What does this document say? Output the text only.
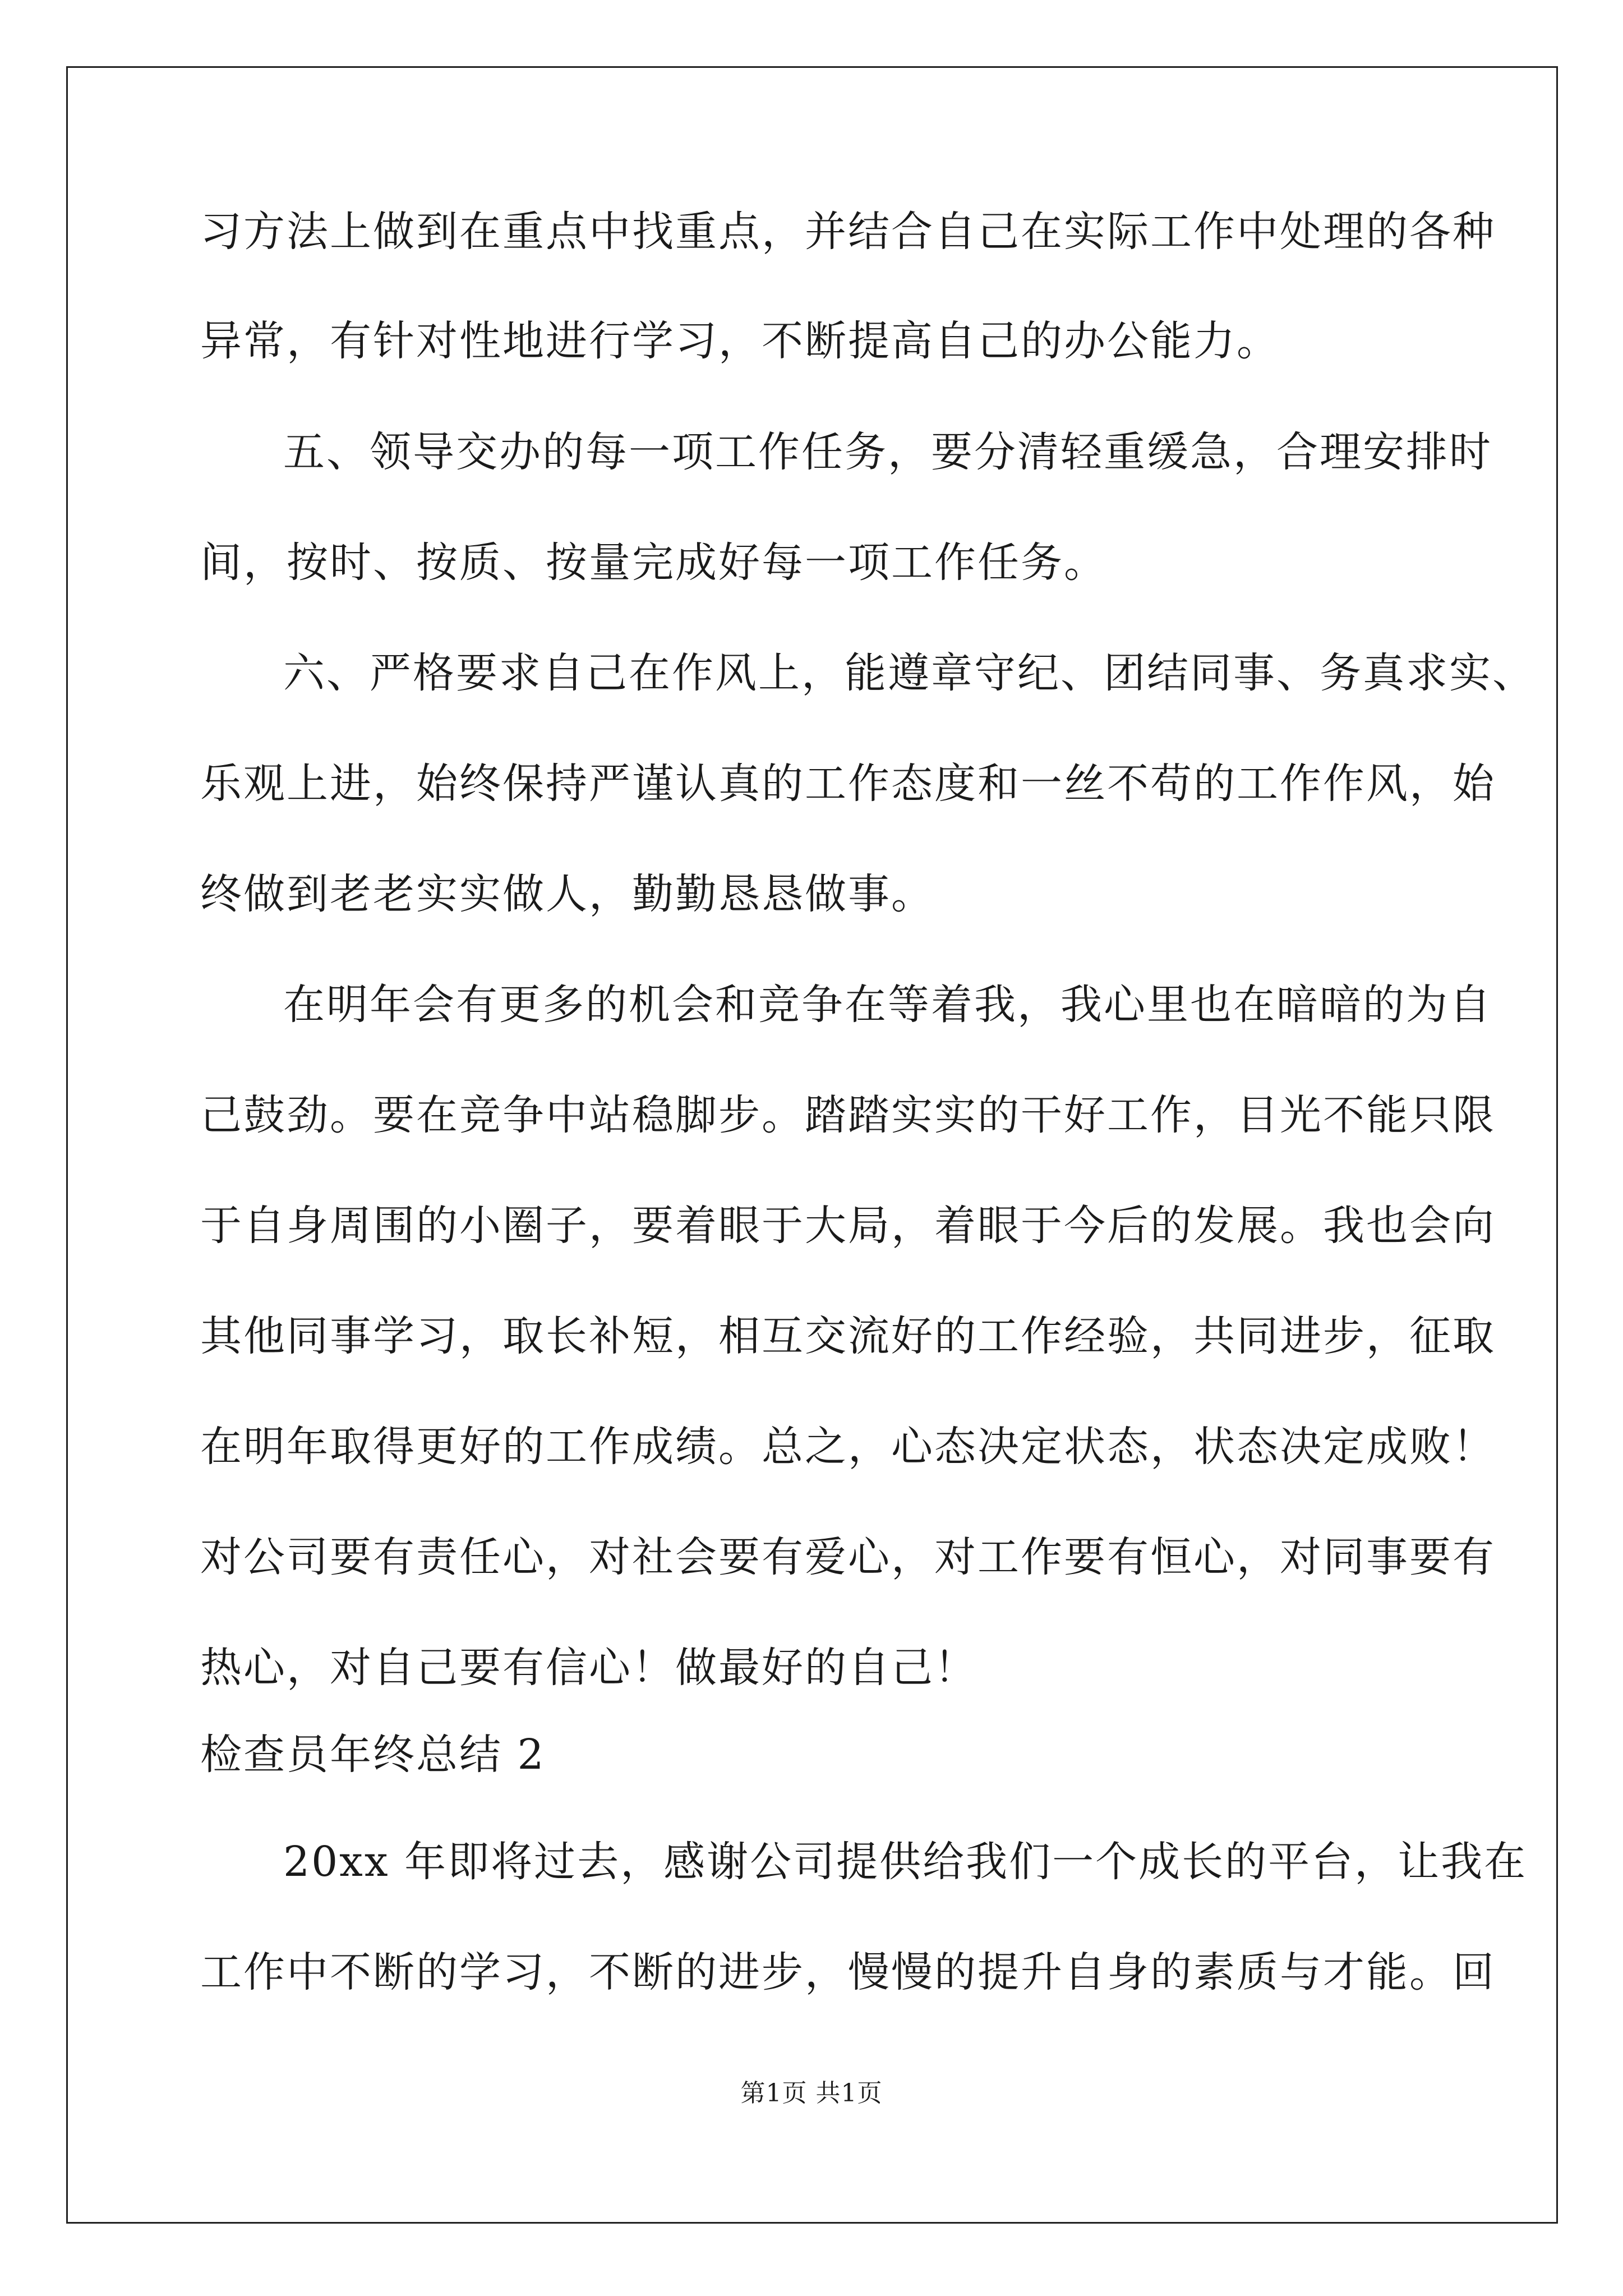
习方法上做到在重点中找重点，并结合自己在实际工作中处理的各种
异常，有针对性地进行学习，不断提高自己的办公能力。
五、领导交办的每一项工作任务，要分清轻重缓急，合理安排时
间，按时、按质、按量完成好每一项工作任务。
六、严格要求自己在作风上，能遵章守纪、团结同事、务真求实、
乐观上进，始终保持严谨认真的工作态度和一丝不苟的工作作风，始
终做到老老实实做人，勤勤恳恳做事。
在明年会有更多的机会和竞争在等着我，我心里也在暗暗的为自
己鼓劲。要在竞争中站稳脚步。踏踏实实的干好工作，目光不能只限
于自身周围的小圈子，要着眼于大局，着眼于今后的发展。我也会向
其他同事学习，取长补短，相互交流好的工作经验，共同进步，征取
在明年取得更好的工作成绩。总之，心态决定状态，状态决定成败！
对公司要有责任心，对社会要有爱心，对工作要有恒心，对同事要有
热心，对自己要有信心！做最好的自己！
检查员年终总结 2
20xx 年即将过去，感谢公司提供给我们一个成长的平台，让我在
工作中不断的学习，不断的进步，慢慢的提升自身的素质与才能。回
第1页 共1页
